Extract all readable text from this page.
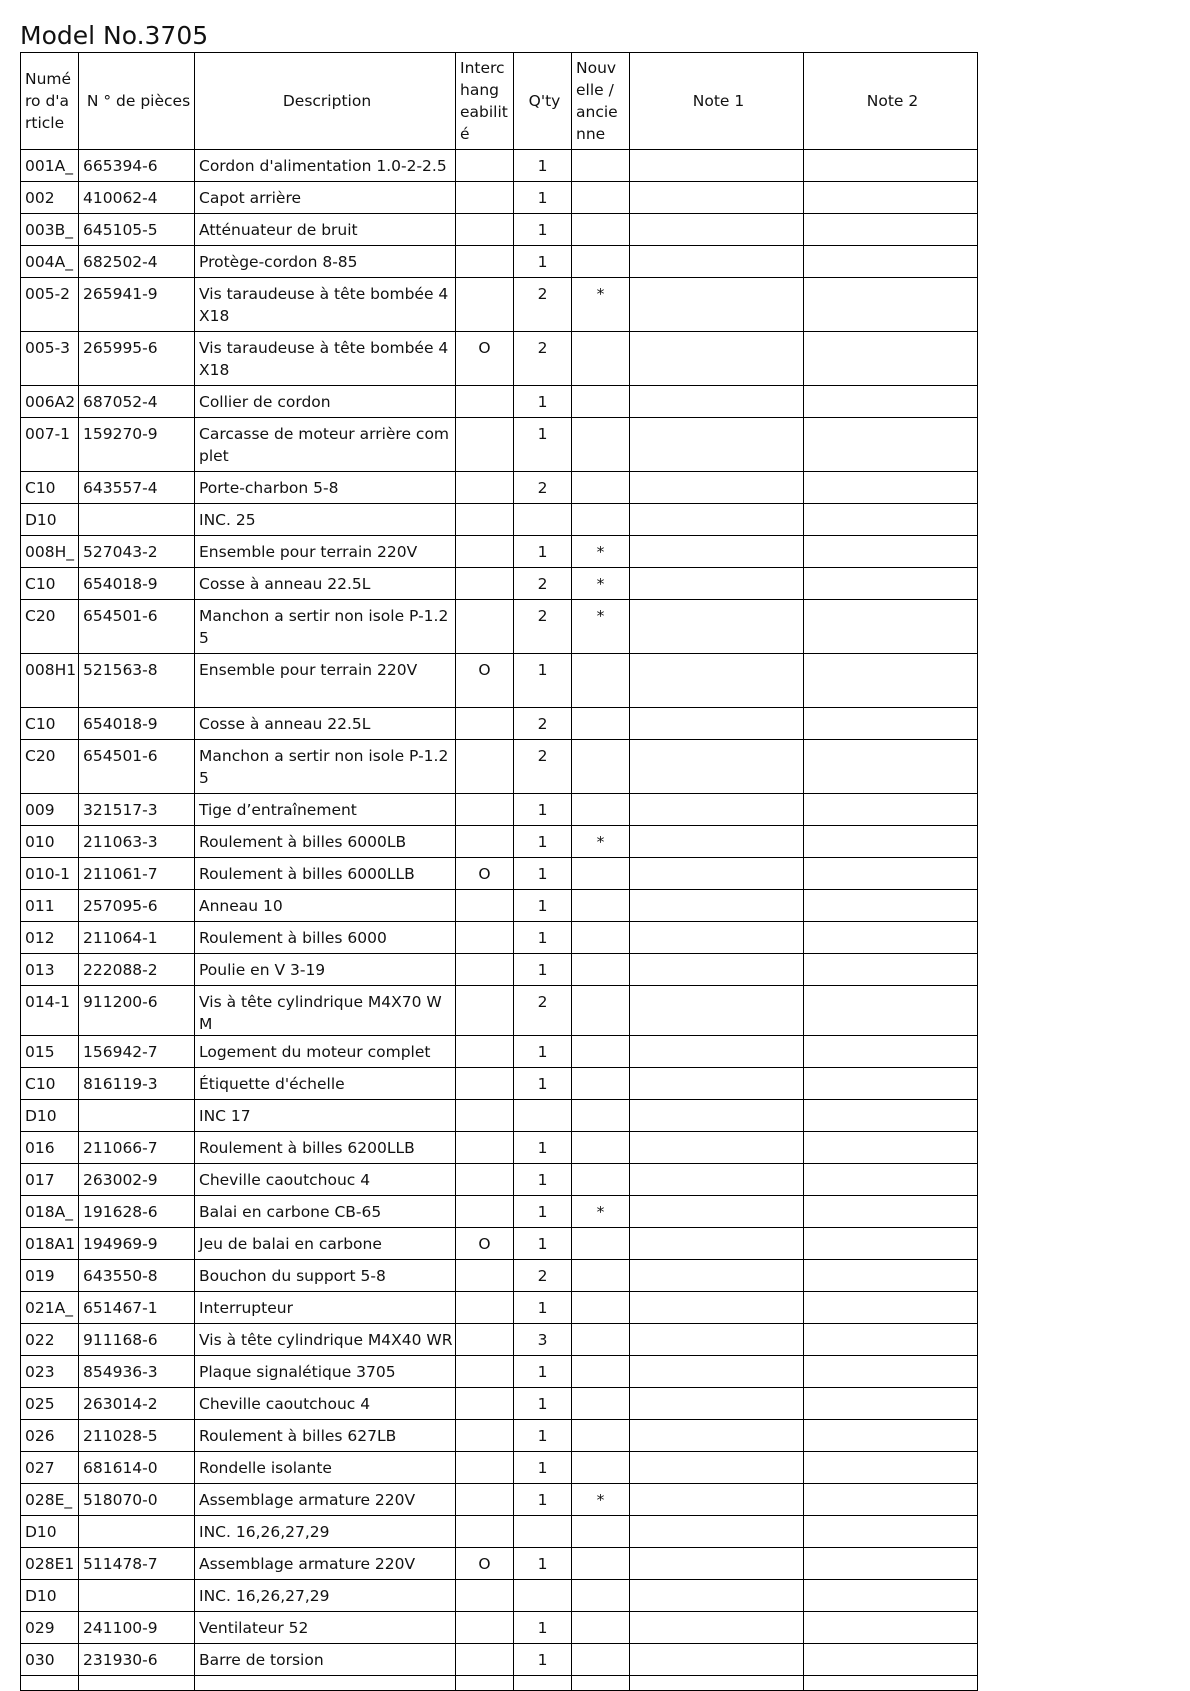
Model No.3705
Numé ro d'a rticle	N ° de pièces	Description	Interc hang eabilit é	Q'ty	Nouv elle / ancie nne	Note 1	Note 2
001A_	665394-6	Cordon d'alimentation 1.0-2-2.5		1			
002	410062-4	Capot arrière		1			
003B_	645105-5	Atténuateur de bruit		1			
004A_	682502-4	Protège-cordon 8-85		1			
005-2	265941-9	Vis taraudeuse à tête bombée 4X18		2	*		
005-3	265995-6	Vis taraudeuse à tête bombée 4X18	O	2			
006A2	687052-4	Collier de cordon		1			
007-1	159270-9	Carcasse de moteur arrière complet		1			
C10	643557-4	Porte-charbon 5-8		2			
D10		INC. 25					
008H_	527043-2	Ensemble pour terrain 220V		1	*		
C10	654018-9	Cosse à anneau 22.5L		2	*		
C20	654501-6	Manchon a sertir non isole P-1.25		2	*		
008H1	521563-8	Ensemble pour terrain 220V	O	1			
C10	654018-9	Cosse à anneau 22.5L		2			
C20	654501-6	Manchon a sertir non isole P-1.25		2			
009	321517-3	Tige d’entraînement		1			
010	211063-3	Roulement à billes 6000LB		1	*		
010-1	211061-7	Roulement à billes 6000LLB	O	1			
011	257095-6	Anneau 10		1			
012	211064-1	Roulement à billes 6000		1			
013	222088-2	Poulie en V 3-19		1			
014-1	911200-6	Vis à tête cylindrique M4X70 WM		2			
015	156942-7	Logement du moteur complet		1			
C10	816119-3	Étiquette d'échelle		1			
D10		INC 17					
016	211066-7	Roulement à billes 6200LLB		1			
017	263002-9	Cheville caoutchouc 4		1			
018A_	191628-6	Balai en carbone CB-65		1	*		
018A1	194969-9	Jeu de balai en carbone	O	1			
019	643550-8	Bouchon du support 5-8		2			
021A_	651467-1	Interrupteur		1			
022	911168-6	Vis à tête cylindrique M4X40 WR		3			
023	854936-3	Plaque signalétique 3705		1			
025	263014-2	Cheville caoutchouc 4		1			
026	211028-5	Roulement à billes 627LB		1			
027	681614-0	Rondelle isolante		1			
028E_	518070-0	Assemblage armature 220V		1	*		
D10		INC. 16,26,27,29					
028E1	511478-7	Assemblage armature 220V	O	1			
D10		INC. 16,26,27,29					
029	241100-9	Ventilateur 52		1			
030	231930-6	Barre de torsion		1			
